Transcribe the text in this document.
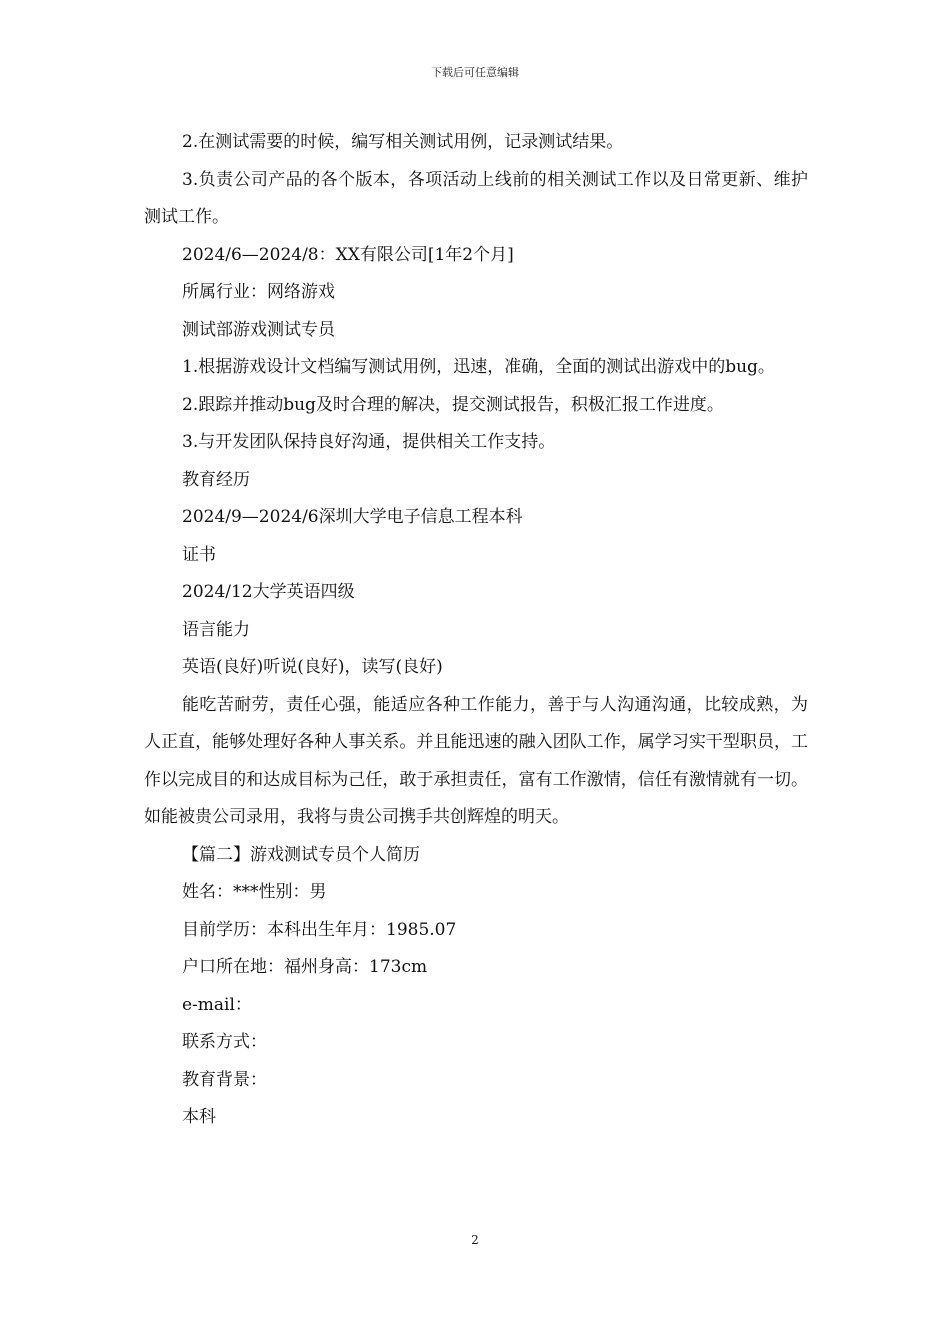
下载后可任意编辑

2.在测试需要的时候，编写相关测试用例，记录测试结果。

3.负责公司产品的各个版本，各项活动上线前的相关测试工作以及日常更新、维护测试工作。

2024/6—2024/8：XX有限公司[1年2个月]

所属行业：网络游戏

测试部游戏测试专员

1.根据游戏设计文档编写测试用例，迅速，准确，全面的测试出游戏中的bug。

2.跟踪并推动bug及时合理的解决，提交测试报告，积极汇报工作进度。

3.与开发团队保持良好沟通，提供相关工作支持。

教育经历

2024/9—2024/6深圳大学电子信息工程本科

证书

2024/12大学英语四级

语言能力

英语(良好)听说(良好)，读写(良好)

能吃苦耐劳，责任心强，能适应各种工作能力，善于与人沟通沟通，比较成熟，为人正直，能够处理好各种人事关系。并且能迅速的融入团队工作，属学习实干型职员，工作以完成目的和达成目标为己任，敢于承担责任，富有工作激情，信任有激情就有一切。如能被贵公司录用，我将与贵公司携手共创辉煌的明天。

【篇二】游戏测试专员个人简历

姓名：***性别：男

目前学历：本科出生年月：1985.07

户口所在地：福州身高：173cm

e-mail：

联系方式：

教育背景：

本科

2
